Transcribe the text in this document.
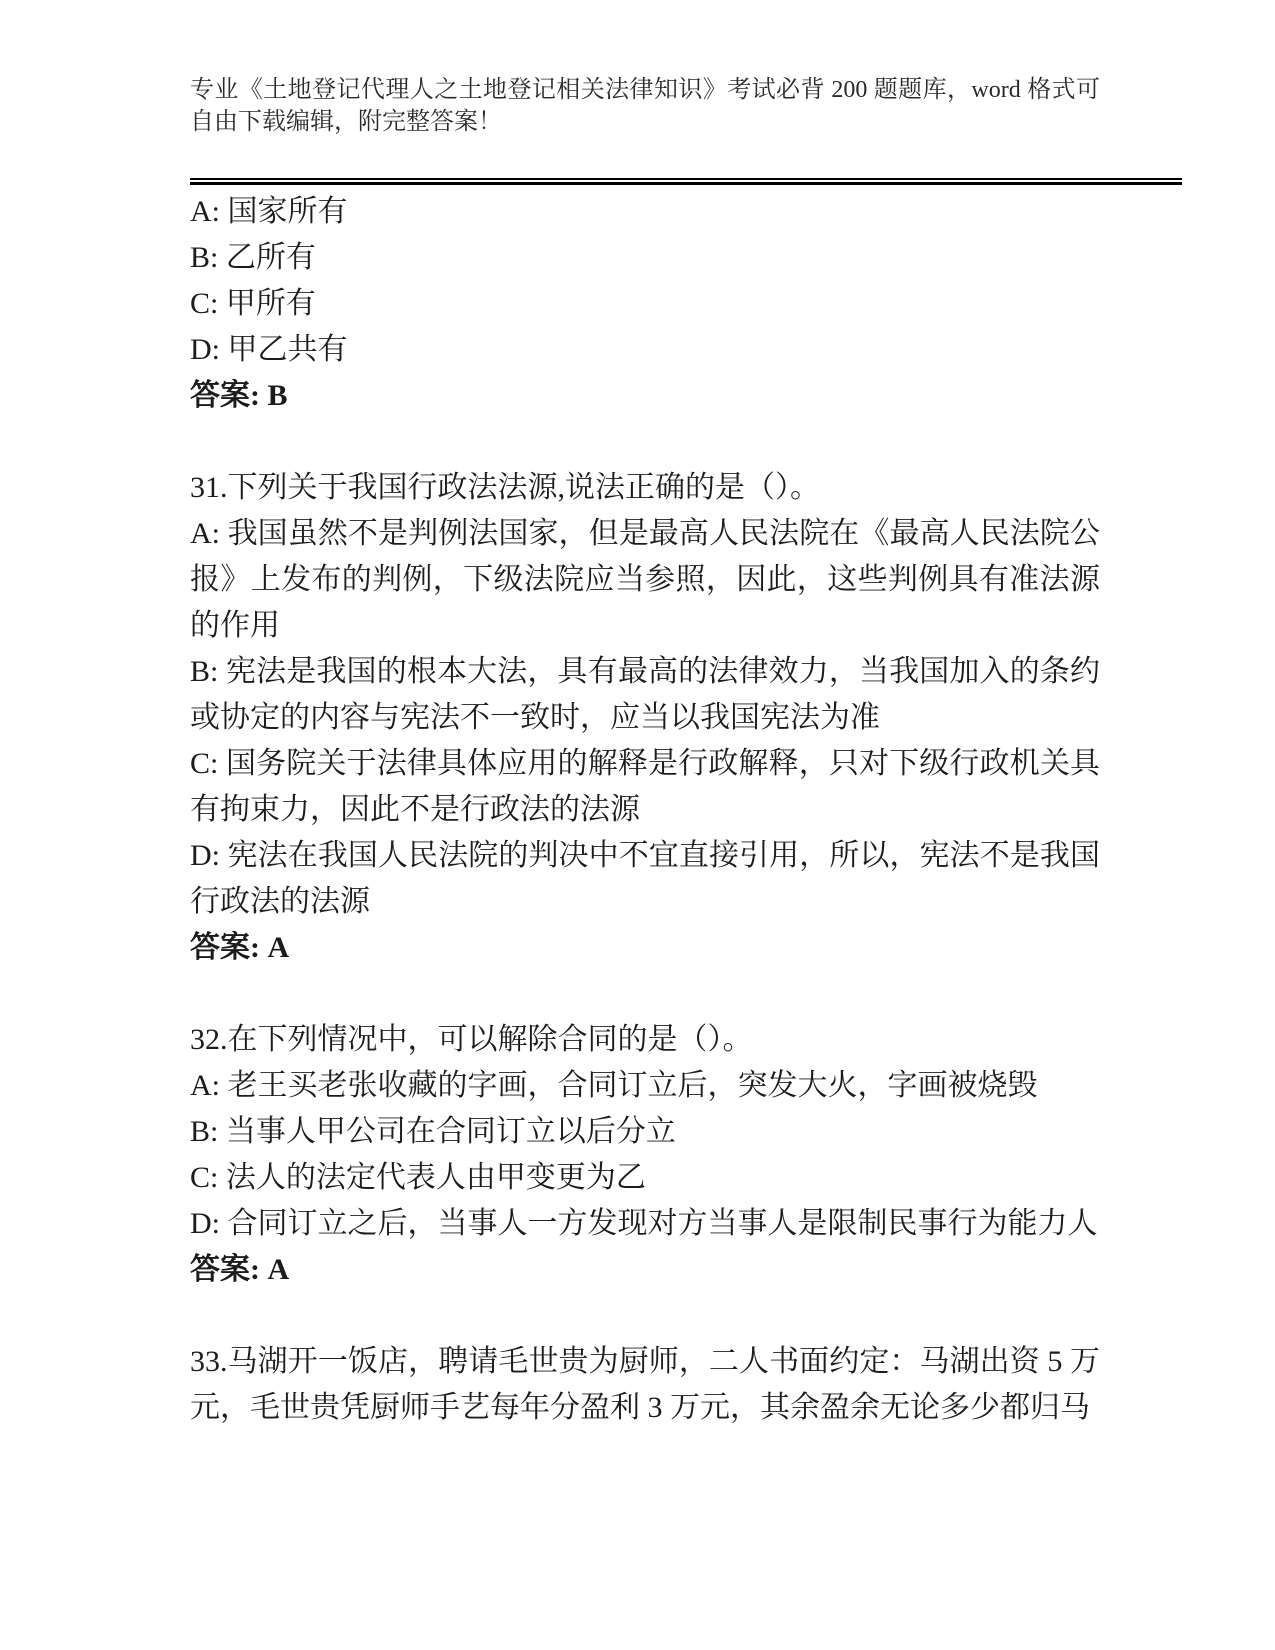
专业《土地登记代理人之土地登记相关法律知识》考试必背 200 题题库，word 格式可自由下载编辑，附完整答案！

A: 国家所有

B: 乙所有

C: 甲所有

D: 甲乙共有

答案: B

31.下列关于我国行政法法源,说法正确的是（）。

A: 我国虽然不是判例法国家，但是最高人民法院在《最高人民法院公报》上发布的判例，下级法院应当参照，因此，这些判例具有准法源的作用

B: 宪法是我国的根本大法，具有最高的法律效力，当我国加入的条约或协定的内容与宪法不一致时，应当以我国宪法为准

C: 国务院关于法律具体应用的解释是行政解释，只对下级行政机关具有拘束力，因此不是行政法的法源

D: 宪法在我国人民法院的判决中不宜直接引用，所以，宪法不是我国行政法的法源

答案: A

32.在下列情况中，可以解除合同的是（）。

A: 老王买老张收藏的字画，合同订立后，突发大火，字画被烧毁

B: 当事人甲公司在合同订立以后分立

C: 法人的法定代表人由甲变更为乙

D: 合同订立之后，当事人一方发现对方当事人是限制民事行为能力人

答案: A

33.马湖开一饭店，聘请毛世贵为厨师，二人书面约定：马湖出资 5 万元，毛世贵凭厨师手艺每年分盈利 3 万元，其余盈余无论多少都归马
